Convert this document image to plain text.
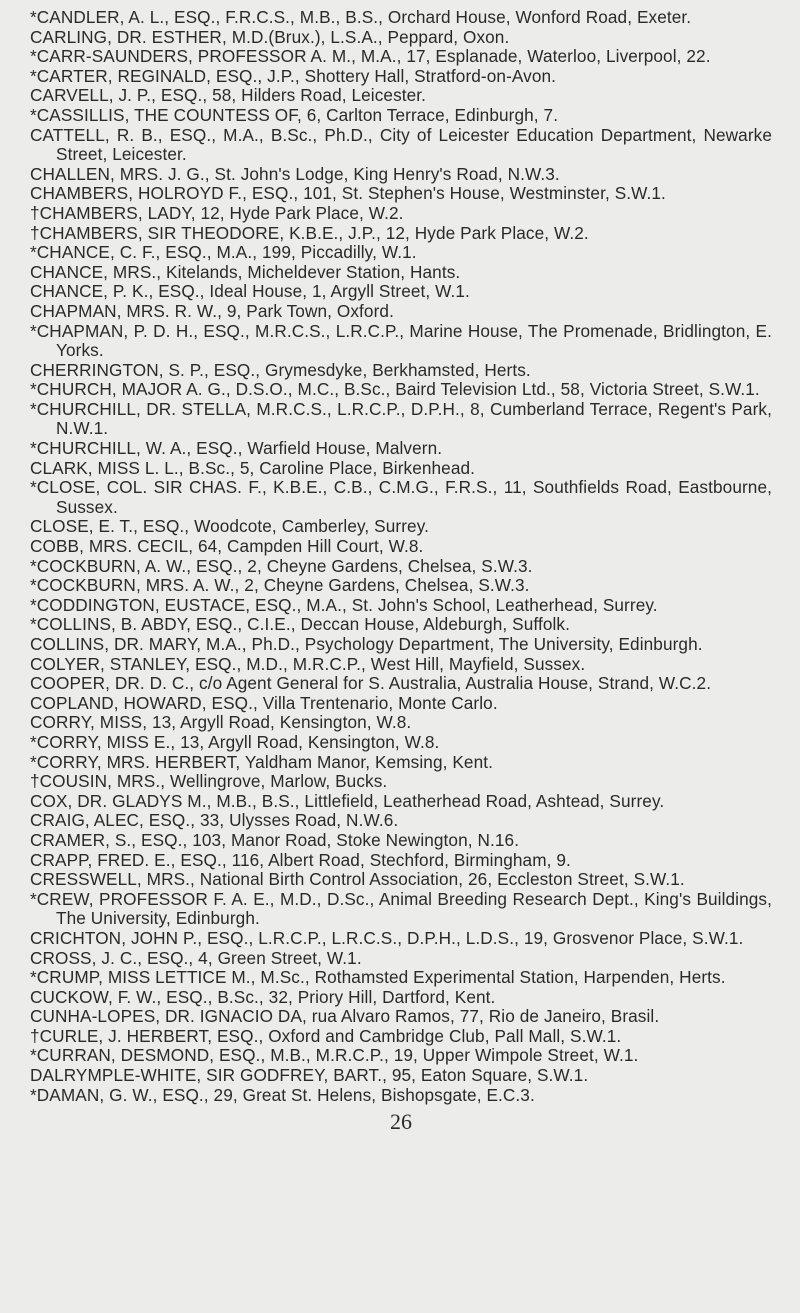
*CANDLER, A. L., ESQ., F.R.C.S., M.B., B.S., Orchard House, Wonford Road, Exeter.

CARLING, DR. ESTHER, M.D.(Brux.), L.S.A., Peppard, Oxon.

*CARR-SAUNDERS, PROFESSOR A. M., M.A., 17, Esplanade, Waterloo, Liverpool, 22.

*CARTER, REGINALD, ESQ., J.P., Shottery Hall, Stratford-on-Avon.

CARVELL, J. P., ESQ., 58, Hilders Road, Leicester.

*CASSILLIS, THE COUNTESS OF, 6, Carlton Terrace, Edinburgh, 7.

CATTELL, R. B., ESQ., M.A., B.Sc., Ph.D., City of Leicester Education Department, Newarke Street, Leicester.

CHALLEN, MRS. J. G., St. John's Lodge, King Henry's Road, N.W.3.

CHAMBERS, HOLROYD F., ESQ., 101, St. Stephen's House, Westminster, S.W.1.

†CHAMBERS, LADY, 12, Hyde Park Place, W.2.

†CHAMBERS, SIR THEODORE, K.B.E., J.P., 12, Hyde Park Place, W.2.

*CHANCE, C. F., ESQ., M.A., 199, Piccadilly, W.1.

CHANCE, MRS., Kitelands, Micheldever Station, Hants.

CHANCE, P. K., ESQ., Ideal House, 1, Argyll Street, W.1.

CHAPMAN, MRS. R. W., 9, Park Town, Oxford.

*CHAPMAN, P. D. H., ESQ., M.R.C.S., L.R.C.P., Marine House, The Promenade, Bridlington, E. Yorks.

CHERRINGTON, S. P., ESQ., Grymesdyke, Berkhamsted, Herts.

*CHURCH, MAJOR A. G., D.S.O., M.C., B.Sc., Baird Television Ltd., 58, Victoria Street, S.W.1.

*CHURCHILL, DR. STELLA, M.R.C.S., L.R.C.P., D.P.H., 8, Cumberland Terrace, Regent's Park, N.W.1.

*CHURCHILL, W. A., ESQ., Warfield House, Malvern.

CLARK, MISS L. L., B.Sc., 5, Caroline Place, Birkenhead.

*CLOSE, COL. SIR CHAS. F., K.B.E., C.B., C.M.G., F.R.S., 11, Southfields Road, Eastbourne, Sussex.

CLOSE, E. T., ESQ., Woodcote, Camberley, Surrey.

COBB, MRS. CECIL, 64, Campden Hill Court, W.8.

*COCKBURN, A. W., ESQ., 2, Cheyne Gardens, Chelsea, S.W.3.

*COCKBURN, MRS. A. W., 2, Cheyne Gardens, Chelsea, S.W.3.

*CODDINGTON, EUSTACE, ESQ., M.A., St. John's School, Leatherhead, Surrey.

*COLLINS, B. ABDY, ESQ., C.I.E., Deccan House, Aldeburgh, Suffolk.

COLLINS, DR. MARY, M.A., Ph.D., Psychology Department, The University, Edinburgh.

COLYER, STANLEY, ESQ., M.D., M.R.C.P., West Hill, Mayfield, Sussex.

COOPER, DR. D. C., c/o Agent General for S. Australia, Australia House, Strand, W.C.2.

COPLAND, HOWARD, ESQ., Villa Trentenario, Monte Carlo.

CORRY, MISS, 13, Argyll Road, Kensington, W.8.

*CORRY, MISS E., 13, Argyll Road, Kensington, W.8.

*CORRY, MRS. HERBERT, Yaldham Manor, Kemsing, Kent.

†COUSIN, MRS., Wellingrove, Marlow, Bucks.

COX, DR. GLADYS M., M.B., B.S., Littlefield, Leatherhead Road, Ashtead, Surrey.

CRAIG, ALEC, ESQ., 33, Ulysses Road, N.W.6.

CRAMER, S., ESQ., 103, Manor Road, Stoke Newington, N.16.

CRAPP, FRED. E., ESQ., 116, Albert Road, Stechford, Birmingham, 9.

CRESSWELL, MRS., National Birth Control Association, 26, Eccleston Street, S.W.1.

*CREW, PROFESSOR F. A. E., M.D., D.Sc., Animal Breeding Research Dept., King's Buildings, The University, Edinburgh.

CRICHTON, JOHN P., ESQ., L.R.C.P., L.R.C.S., D.P.H., L.D.S., 19, Grosvenor Place, S.W.1.

CROSS, J. C., ESQ., 4, Green Street, W.1.

*CRUMP, MISS LETTICE M., M.Sc., Rothamsted Experimental Station, Harpenden, Herts.

CUCKOW, F. W., ESQ., B.Sc., 32, Priory Hill, Dartford, Kent.

CUNHA-LOPES, DR. IGNACIO DA, rua Alvaro Ramos, 77, Rio de Janeiro, Brasil.

†CURLE, J. HERBERT, ESQ., Oxford and Cambridge Club, Pall Mall, S.W.1.

*CURRAN, DESMOND, ESQ., M.B., M.R.C.P., 19, Upper Wimpole Street, W.1.

DALRYMPLE-WHITE, SIR GODFREY, BART., 95, Eaton Square, S.W.1.

*DAMAN, G. W., ESQ., 29, Great St. Helens, Bishopsgate, E.C.3.

26
